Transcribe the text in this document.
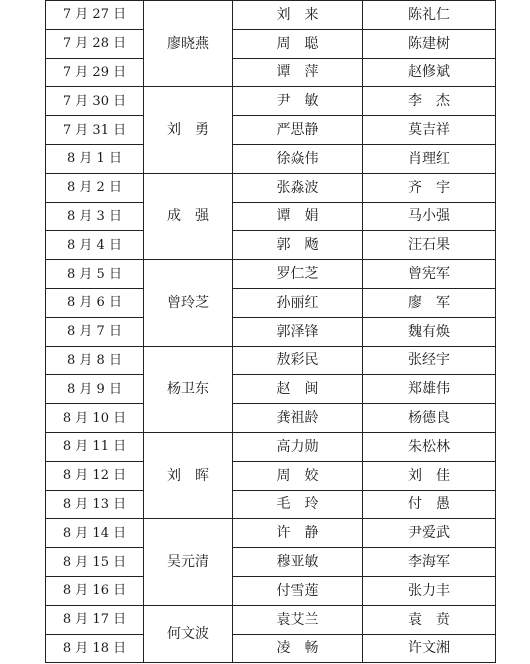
7 月 27 日	廖晓燕	刘　来	陈礼仁
7 月 28 日		周　聪	陈建树
7 月 29 日		谭　萍	赵修斌
7 月 30 日	刘　勇	尹　敏	李　杰
7 月 31 日		严思静	莫吉祥
8 月 1 日		徐焱伟	肖理红
8 月 2 日	成　强	张淼波	齐　宇
8 月 3 日		谭　娟	马小强
8 月 4 日		郭　飏	汪石果
8 月 5 日	曾玲芝	罗仁芝	曾宪军
8 月 6 日		孙丽红	廖　军
8 月 7 日		郭泽锋	魏有焕
8 月 8 日	杨卫东	敖彩民	张经宇
8 月 9 日		赵　闽	郑雄伟
8 月 10 日		龚祖龄	杨德良
8 月 11 日	刘　晖	高力勋	朱松林
8 月 12 日		周　姣	刘　佳
8 月 13 日		毛　玲	付　愚
8 月 14 日	吴元清	许　静	尹爱武
8 月 15 日		穆亚敏	李海军
8 月 16 日		付雪莲	张力丰
8 月 17 日	何文波	袁艾兰	袁　贲
8 月 18 日		凌　畅	许文湘
